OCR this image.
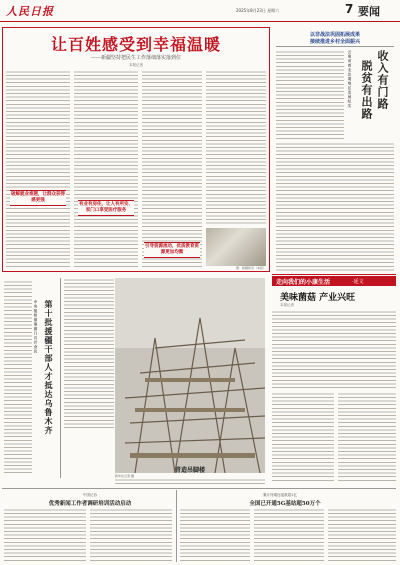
人民日报	2025年8月23日 星期六	7 要闻
让百姓感受到幸福温暖
——新疆坚持把民生工作落细落实落到位
本报记者
破解就业难题，让群众获得感更强
有业有房住，让人有所安、家门口享受医疗服务
引导资源流动，优质教育资源更加均衡
图：新疆和田（本报）
以非战法巩固拓展成果
接续推进乡村全面振兴
收入有门路
脱贫有出路
云南省西北边境地区发展纪实
第十批援疆干部人才抵达乌鲁木齐
中央组织部等部门召开会议
青造吊脚楼
新华社记者 摄
走向我们的小康生活	·延文
美味菌菇 产业兴旺
本报记者
中国记协
优秀新闻工作者调研培训活动启动
累计终端连接数超1亿
全国已开通5G基站超50万个
